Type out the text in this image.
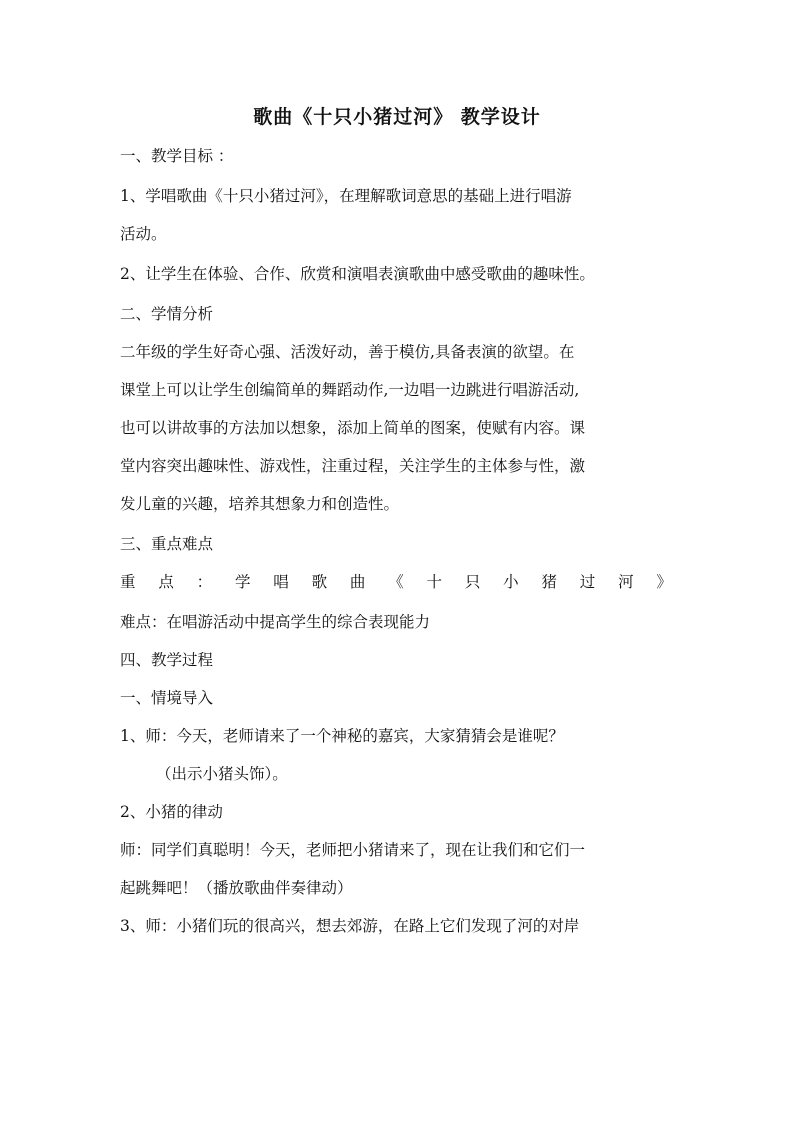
歌曲《十只小猪过河》 教学设计
一、教学目标 ：
1、学唱歌曲《十只小猪过河》，在理解歌词意思的基础上进行唱游
活动。
2、让学生在体验、合作、欣赏和演唱表演歌曲中感受歌曲的趣味性。
二、学情分析
二年级的学生好奇心强、活泼好动，善于模仿,具备表演的欲望。在
课堂上可以让学生创编简单的舞蹈动作,一边唱一边跳进行唱游活动,
也可以讲故事的方法加以想象，添加上简单的图案，使赋有内容。课
堂内容突出趣味性、游戏性，注重过程，关注学生的主体参与性，激
发儿童的兴趣，培养其想象力和创造性。
三、重点难点
重 点 ： 学 唱 歌 曲 《 十 只 小 猪 过 河 》
难点：在唱游活动中提高学生的综合表现能力
四、教学过程
一、情境导入
1、师：今天，老师请来了一个神秘的嘉宾，大家猜猜会是谁呢？
（出示小猪头饰）。
2、小猪的律动
师：同学们真聪明！今天，老师把小猪请来了，现在让我们和它们一
起跳舞吧！（播放歌曲伴奏律动）
3、师：小猪们玩的很高兴，想去郊游，在路上它们发现了河的对岸
